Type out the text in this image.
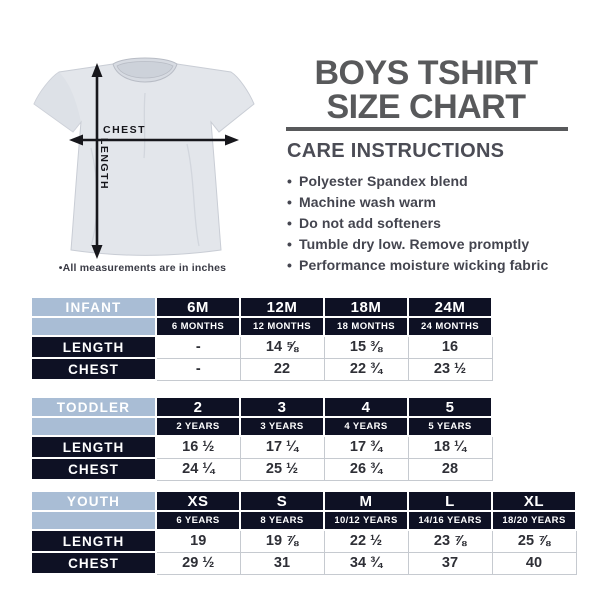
CHEST
LENGTH
•All measurements are in inches
BOYS TSHIRT
SIZE CHART
CARE INSTRUCTIONS
• Polyester Spandex blend
• Machine wash warm
• Do not add softeners
• Tumble dry low. Remove promptly
• Performance moisture wicking fabric
INFANT	6M	12M	18M	24M
	6 MONTHS	12 MONTHS	18 MONTHS	24 MONTHS
LENGTH	-	14 ⅝	15 ⅜	16
CHEST	-	22	22 ¾	23 ½
TODDLER	2	3	4	5
	2 YEARS	3 YEARS	4 YEARS	5 YEARS
LENGTH	16 ½	17 ¼	17 ¾	18 ¼
CHEST	24 ¼	25 ½	26 ¾	28
YOUTH	XS	S	M	L	XL
	6 YEARS	8 YEARS	10/12 YEARS	14/16 YEARS	18/20 YEARS
LENGTH	19	19 ⅞	22 ½	23 ⅞	25 ⅞
CHEST	29 ½	31	34 ¾	37	40
